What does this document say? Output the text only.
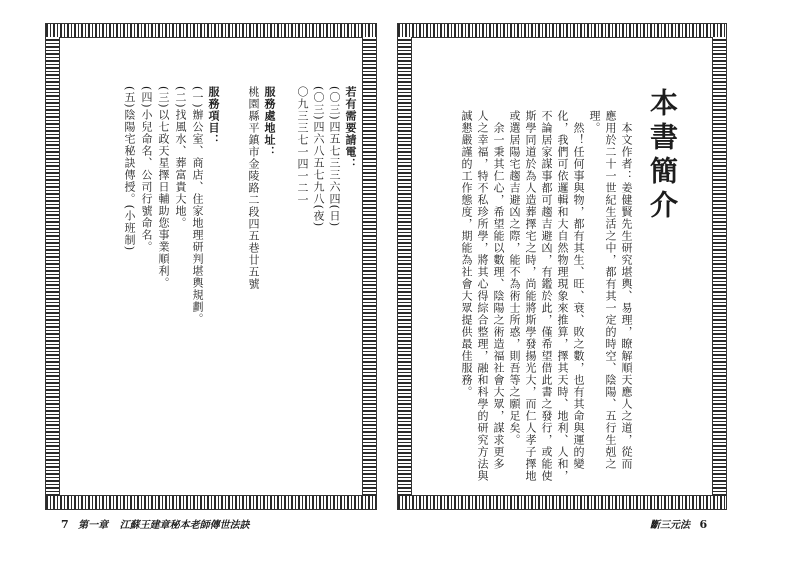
若有需要請電：
(〇三)四五七三三六四(日)
(〇三)四六八五七九八(夜)
〇九三三七一四一二一
服務處地址：
桃園縣平鎮市金陵路二段四五巷廿五號
服務項目：
(一)辦公室、商店、住家地理研判堪輿規劃。
(二)找風水、葬富貴大地。
(三)以七政天星擇日輔助您事業順利。
(四)小兒命名、公司行號命名。
(五)陰陽宅秘訣傳授。(小班制)
7 第一章 江蘇王建章秘本老師傳世法訣
本書簡介
本文作者：姜健賢先生研究堪輿、易理，瞭解順天應人之道，從而
應用於二十一世紀生活之中，都有其一定的時空、陰陽、五行生剋之
理。
然！任何事與物，都有其生、旺、衰、敗之數，也有其命與運的變
化，我們可依邏輯和大自然物理現象來推算，擇其天時、地利、人和，
不論居家謀事都可趨吉避凶，有鑑於此，僅希望借此書之發行，或能使
斯學同道於為人造葬擇宅之時，尚能將斯學發揚光大，而仁人孝子擇地
或選居陽宅趨吉避凶之際，能不為術士所惑，則吾等之願足矣。
余一秉其仁心，希望能以數理、陰陽之術造福社會大眾，謀求更多
人之幸福，特不私珍所學，將其心得綜合整理，融和科學的研究方法與
誠懇嚴謹的工作態度，期能為社會大眾提供最佳服務。
斷三元法 6
